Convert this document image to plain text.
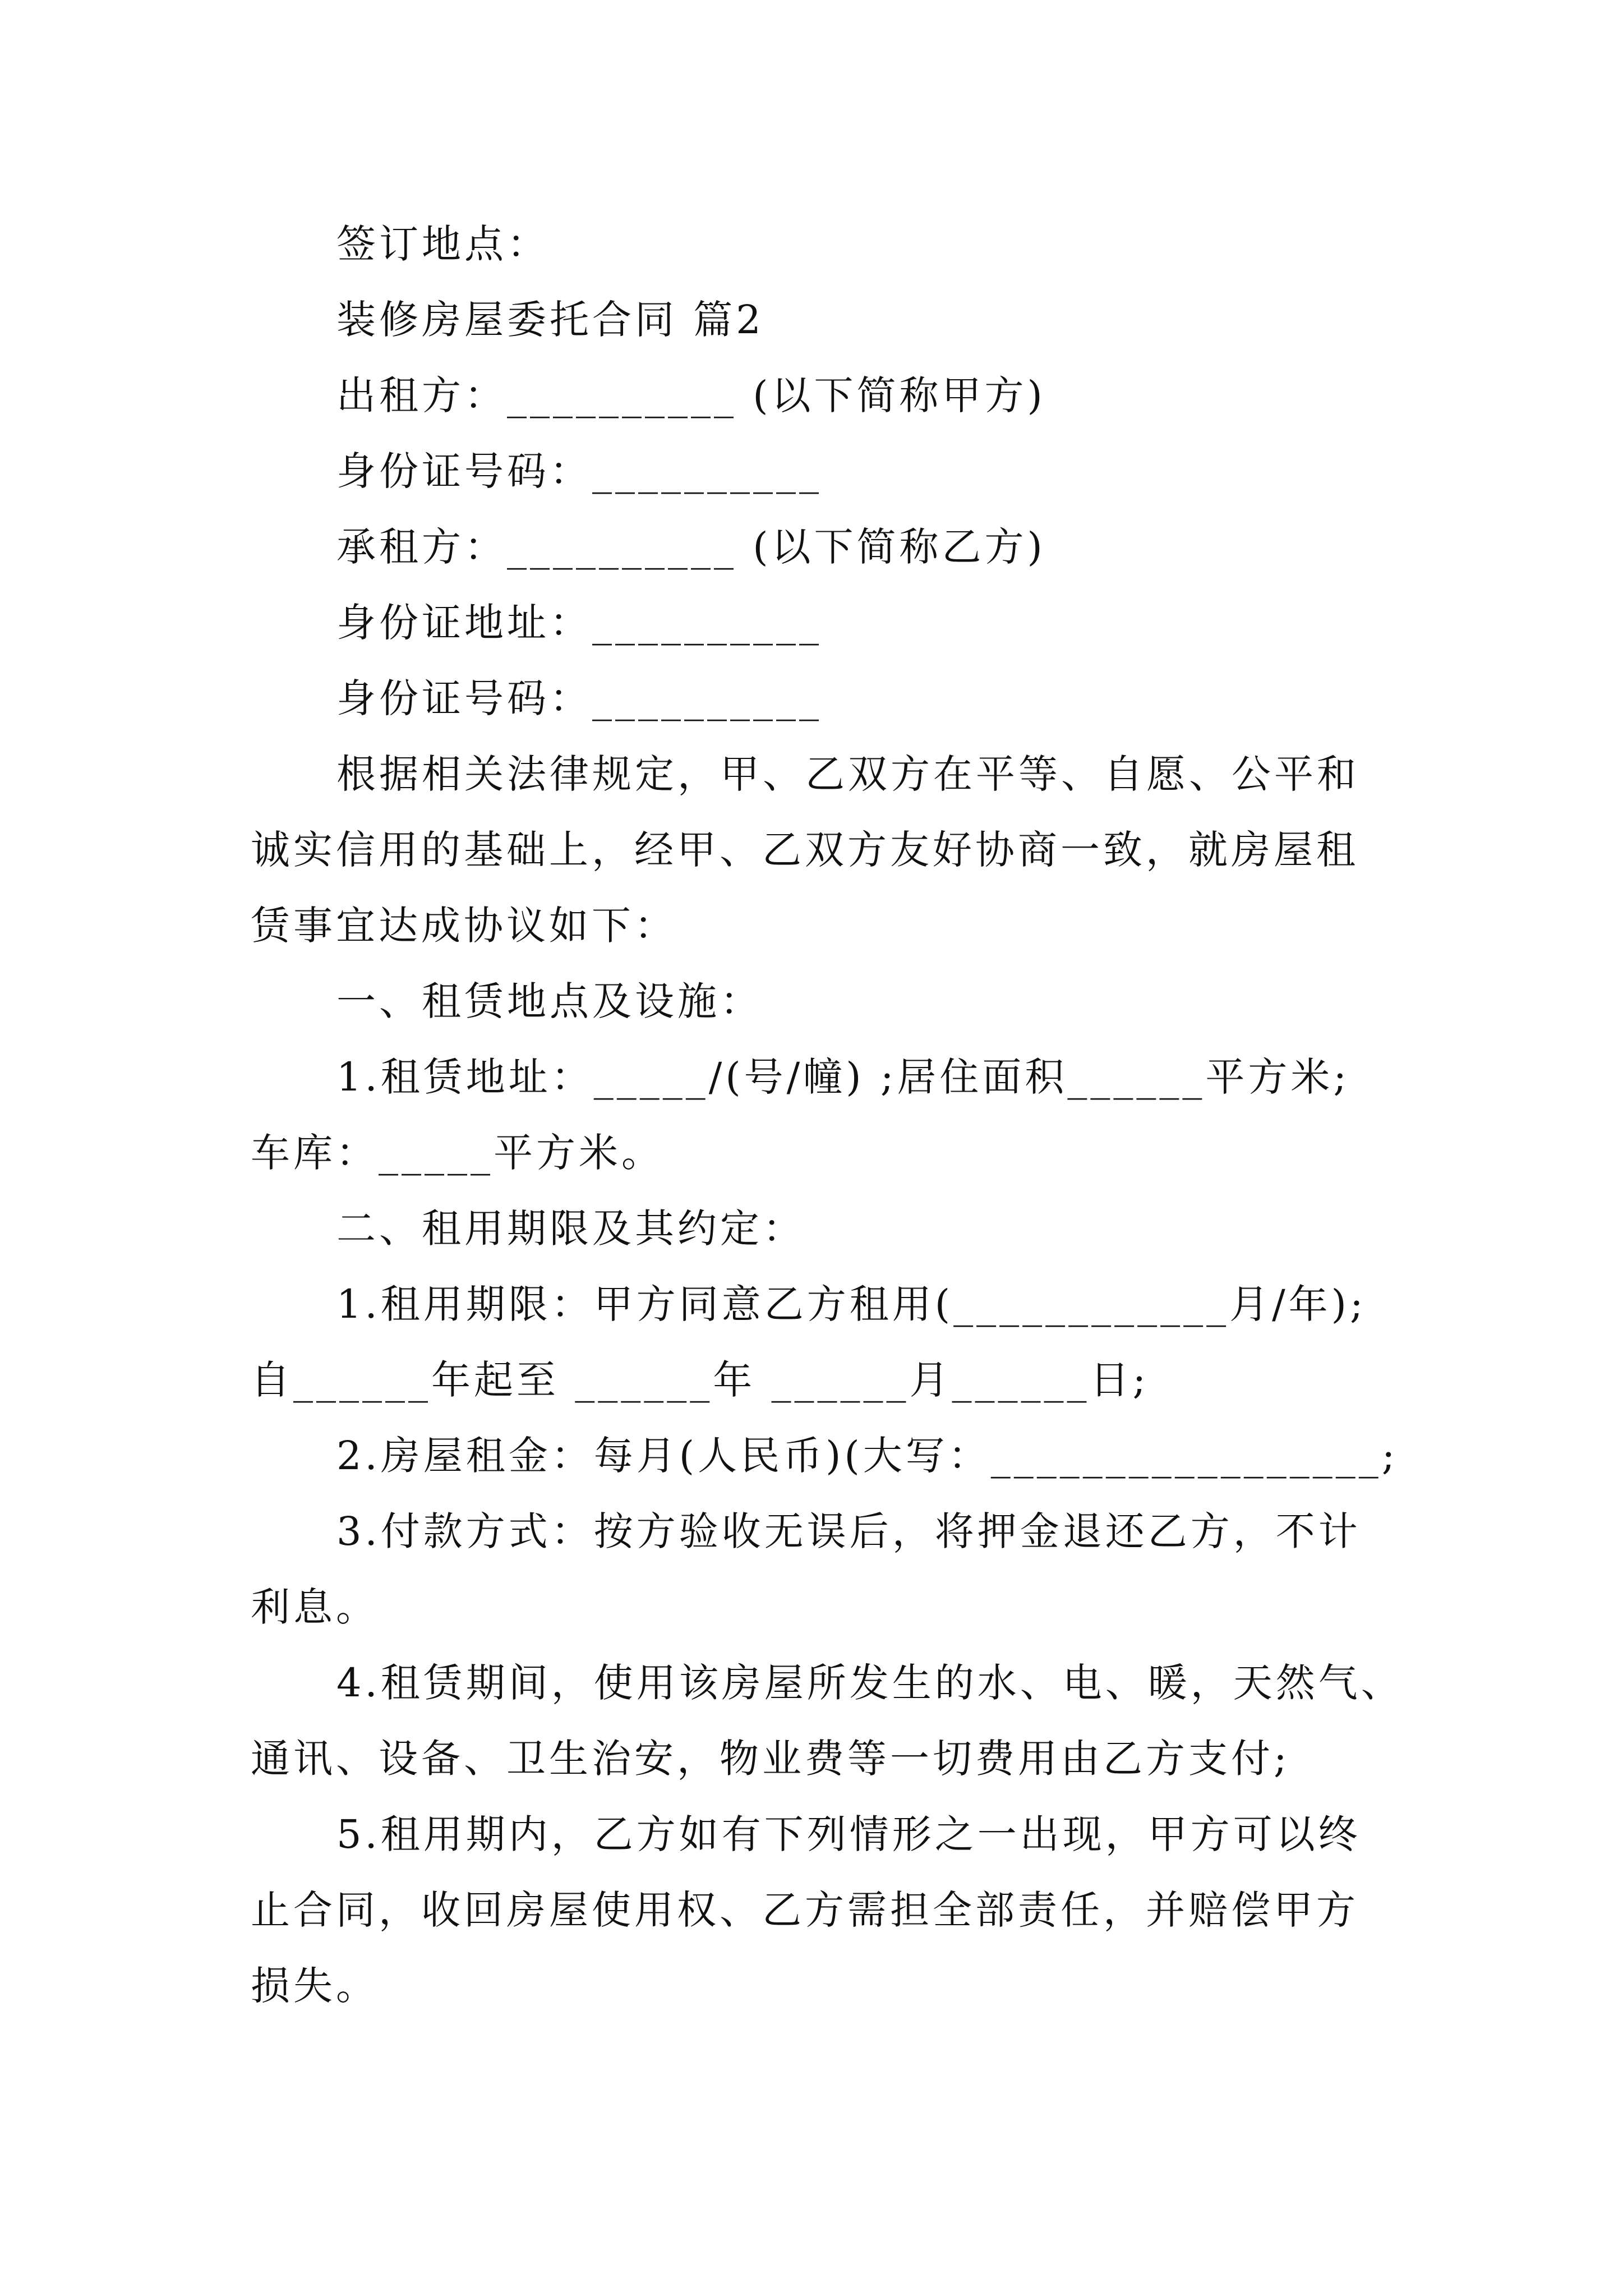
签订地点：
装修房屋委托合同 篇2
出租方：__________ (以下简称甲方)
身份证号码：__________
承租方：__________ (以下简称乙方)
身份证地址：__________
身份证号码：__________
根据相关法律规定，甲、乙双方在平等、自愿、公平和
诚实信用的基础上，经甲、乙双方友好协商一致，就房屋租
赁事宜达成协议如下：
一、租赁地点及设施：
1.租赁地址：_____/(号/幢) ;居住面积______平方米;
车库：_____平方米。
二、租用期限及其约定：
1.租用期限：甲方同意乙方租用(____________月/年);
自______年起至 ______年 ______月______日;
2.房屋租金：每月(人民币)(大写：_________________;
3.付款方式：按方验收无误后，将押金退还乙方，不计
利息。
4.租赁期间，使用该房屋所发生的水、电、暖，天然气、
通讯、设备、卫生治安，物业费等一切费用由乙方支付;
5.租用期内，乙方如有下列情形之一出现，甲方可以终
止合同，收回房屋使用权、乙方需担全部责任，并赔偿甲方
损失。
